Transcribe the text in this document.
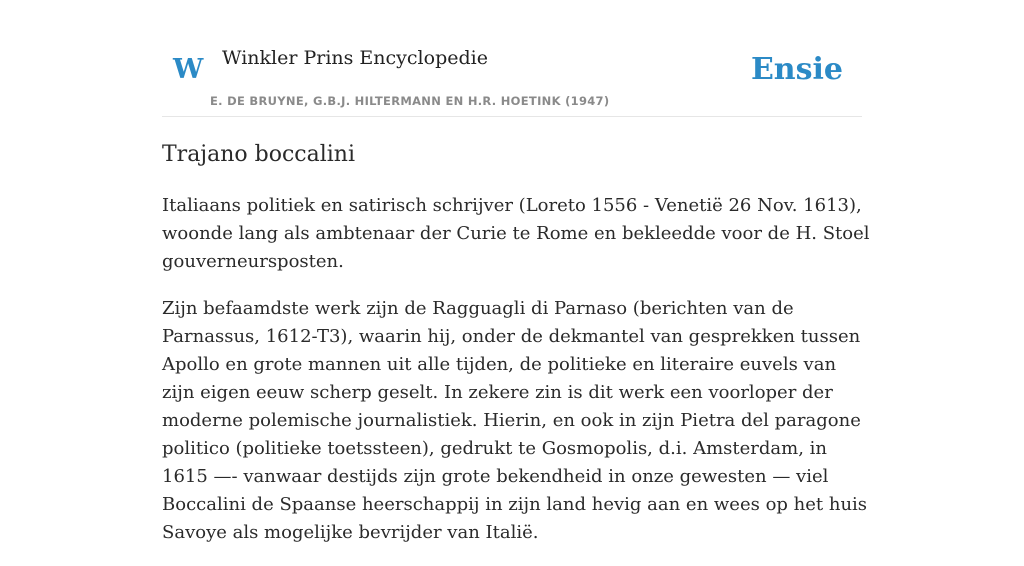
W Winkler Prins Encyclopedie
E. DE BRUYNE, G.B.J. HILTERMANN EN H.R. HOETINK (1947)
Ensie
Trajano boccalini

Italiaans politiek en satirisch schrijver (Loreto 1556 - Venetië 26 Nov. 1613), woonde lang als ambtenaar der Curie te Rome en bekleedde voor de H. Stoel gouverneursposten.

Zijn befaamdste werk zijn de Ragguagli di Parnaso (berichten van de Parnassus, 1612-T3), waarin hij, onder de dekmantel van gesprekken tussen Apollo en grote mannen uit alle tijden, de politieke en literaire euvels van zijn eigen eeuw scherp geselt. In zekere zin is dit werk een voorloper der moderne polemische journalistiek. Hierin, en ook in zijn Pietra del paragone politico (politieke toetssteen), gedrukt te Gosmopolis, d.i. Amsterdam, in 1615 —- vanwaar destijds zijn grote bekendheid in onze gewesten — viel Boccalini de Spaanse heerschappij in zijn land hevig aan en wees op het huis Savoye als mogelijke bevrijder van Italië.
